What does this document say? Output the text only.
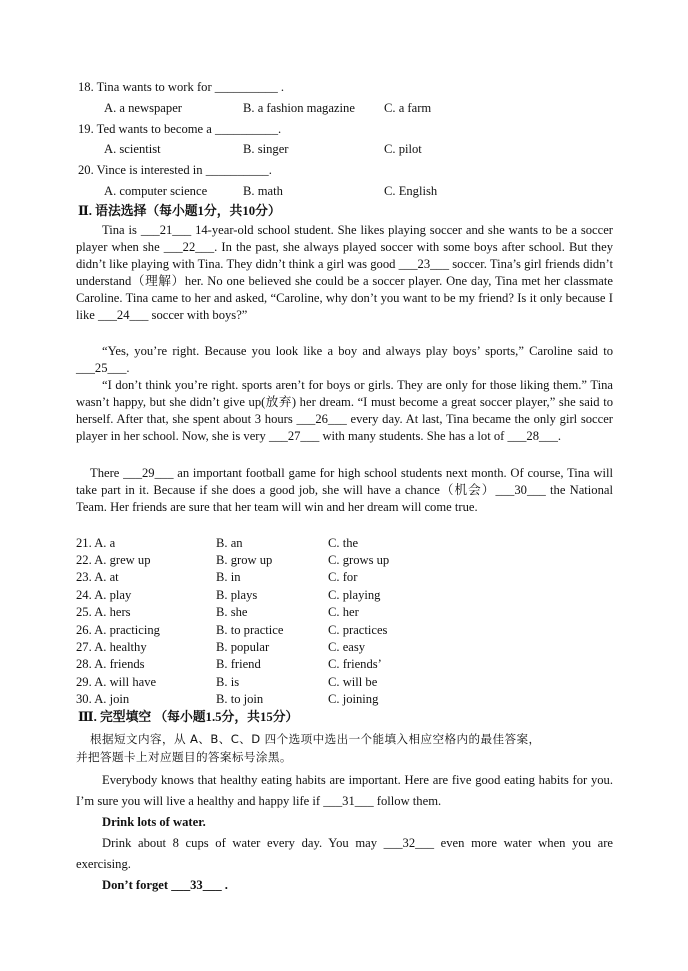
18. Tina wants to work for __________ .
A. a newspaper	B. a fashion magazine C. a farm
19. Ted wants to become a __________.
A. scientist	B. singer	C. pilot
20. Vince is interested in __________.
A. computer science	B. math	C. English
Ⅱ. 语法选择（每小题1分，共10分）
Tina is ___21___ 14-year-old school student. She likes playing soccer and she wants to be a soccer player when she ___22___. In the past, she always played soccer with some boys after school. But they didn’t like playing with Tina. They didn’t think a girl was good ___23___ soccer. Tina’s girl friends didn’t understand（理解）her. No one believed she could be a soccer player. One day, Tina met her classmate Caroline. Tina came to her and asked, “Caroline, why don’t you want to be my friend? Is it only because I like ___24___ soccer with boys?”
“Yes, you’re right. Because you look like a boy and always play boys’ sports,” Caroline said to ___25___.
“I don’t think you’re right. sports aren’t for boys or girls. They are only for those liking them.” Tina wasn’t happy, but she didn’t give up(放弃) her dream. “I must become a great soccer player,” she said to herself. After that, she spent about 3 hours ___26___ every day. At last, Tina became the only girl soccer player in her school. Now, she is very ___27___ with many students. She has a lot of ___28___.
There ___29___ an important football game for high school students next month. Of course, Tina will take part in it. Because if she does a good job, she will have a chance（机会）___30___ the National Team. Her friends are sure that her team will win and her dream will come true.
21. A. a	B. an	C. the
22. A. grew up	B. grow up	C. grows up
23. A. at	B. in	C. for
24. A. play	B. plays	C. playing
25. A. hers	B. she	C. her
26. A. practicing	B. to practice	C. practices
27. A. healthy	B. popular	C. easy
28. A. friends	B. friend	C. friends’
29. A. will have	B. is	C. will be
30. A. join	B. to join	C. joining
Ⅲ. 完型填空 （每小题1.5分，共15分）
根据短文内容，从 A、B、C、D 四个选项中选出一个能填入相应空格内的最佳答案，
并把答题卡上对应题目的答案标号涂黑。
Everybody knows that healthy eating habits are important. Here are five good eating habits for you. I’m sure you will live a healthy and happy life if ___31___ follow them.
Drink lots of water.
Drink about 8 cups of water every day. You may ___32___ even more water when you are exercising.
Don’t forget ___33___ .
